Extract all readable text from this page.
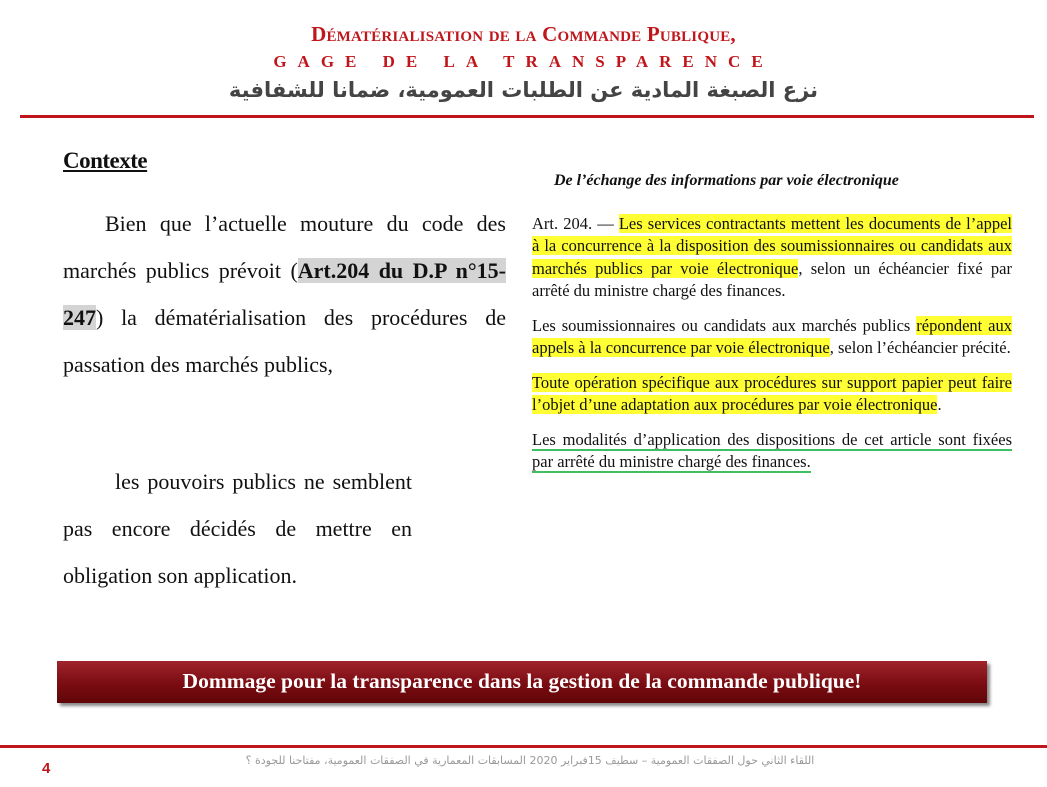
Dématérialisation de la Commande Publique,
GAGE DE LA TRANSPARENCE
نزع الصبغة المادية عن الطلبات العمومية، ضمانا للشفافية
Contexte
Bien que l’actuelle mouture du code des marchés publics prévoit (Art.204 du D.P n°15-247) la dématérialisation des procédures de passation des marchés publics,
les pouvoirs publics ne semblent pas encore décidés de mettre en obligation son application.
De l’échange des informations par voie électronique

Art. 204. — Les services contractants mettent les documents de l’appel à la concurrence à la disposition des soumissionnaires ou candidats aux marchés publics par voie électronique, selon un échéancier fixé par arrêté du ministre chargé des finances.

Les soumissionnaires ou candidats aux marchés publics répondent aux appels à la concurrence par voie électronique, selon l’échéancier précité.

Toute opération spécifique aux procédures sur support papier peut faire l’objet d’une adaptation aux procédures par voie électronique.

Les modalités d’application des dispositions de cet article sont fixées par arrêté du ministre chargé des finances.

Dommage pour la transparence dans la gestion de la commande publique!
4	اللقاء الثاني حول الصفقات العمومية – سطيف 15فبراير 2020 المسابقات المعمارية في الصفقات العمومية، مفتاحنا للجودة ؟
